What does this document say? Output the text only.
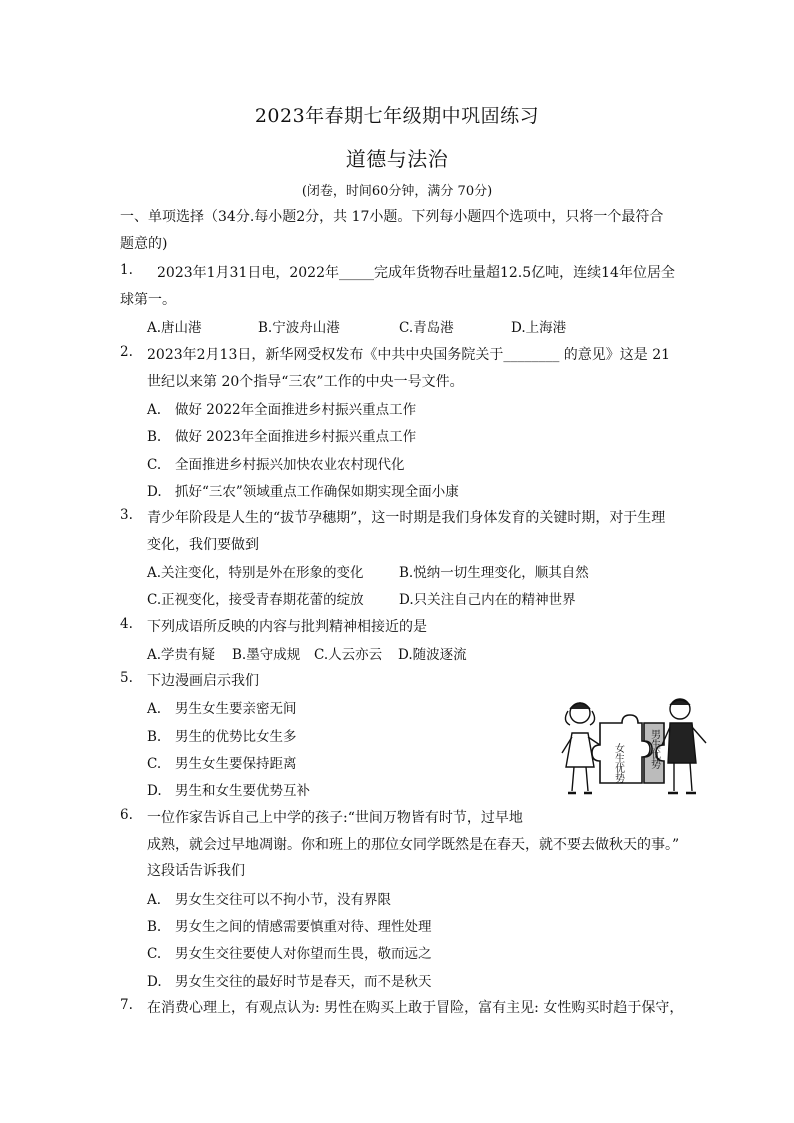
2023年春期七年级期中巩固练习
道德与法治
(闭卷，时间60分钟，满分 70分)
一、单项选择（34分.每小题2分，共 17小题。下列每小题四个选项中，只将一个最符合
题意的)
1. 2023年1月31日电，2022年_____完成年货物吞吐量超12.5亿吨，连续14年位居全
球第一。
A.唐山港	B.宁波舟山港	C.青岛港	D.上海港
2. 2023年2月13日，新华网受权发布《中共中央国务院关于________ 的意见》这是 21
世纪以来第 20个指导“三农”工作的中央一号文件。
A. 做好 2022年全面推进乡村振兴重点工作
B. 做好 2023年全面推进乡村振兴重点工作
C. 全面推进乡村振兴加快农业农村现代化
D. 抓好“三农”领域重点工作确保如期实现全面小康
3. 青少年阶段是人生的“拔节孕穗期”，这一时期是我们身体发育的关键时期，对于生理
变化，我们要做到
A.关注变化，特别是外在形象的变化	B.悦纳一切生理变化，顺其自然
C.正视变化，接受青春期花蕾的绽放	D.只关注自己内在的精神世界
4. 下列成语所反映的内容与批判精神相接近的是
A.学贵有疑 B.墨守成规 C.人云亦云 D.随波逐流
5. 下边漫画启示我们
A. 男生女生要亲密无间
B. 男生的优势比女生多
C. 男生女生要保持距离
D. 男生和女生要优势互补
女生优势	男生优势
6. 一位作家告诉自己上中学的孩子:“世间万物皆有时节，过早地
成熟，就会过早地凋谢。你和班上的那位女同学既然是在春天，就不要去做秋天的事。”
这段话告诉我们
A． 男女生交往可以不拘小节，没有界限
B. 男女生之间的情感需要慎重对待、理性处理
C. 男女生交往要使人对你望而生畏，敬而远之
D. 男女生交往的最好时节是春天，而不是秋天
7. 在消费心理上，有观点认为: 男性在购买上敢于冒险，富有主见: 女性购买时趋于保守，
